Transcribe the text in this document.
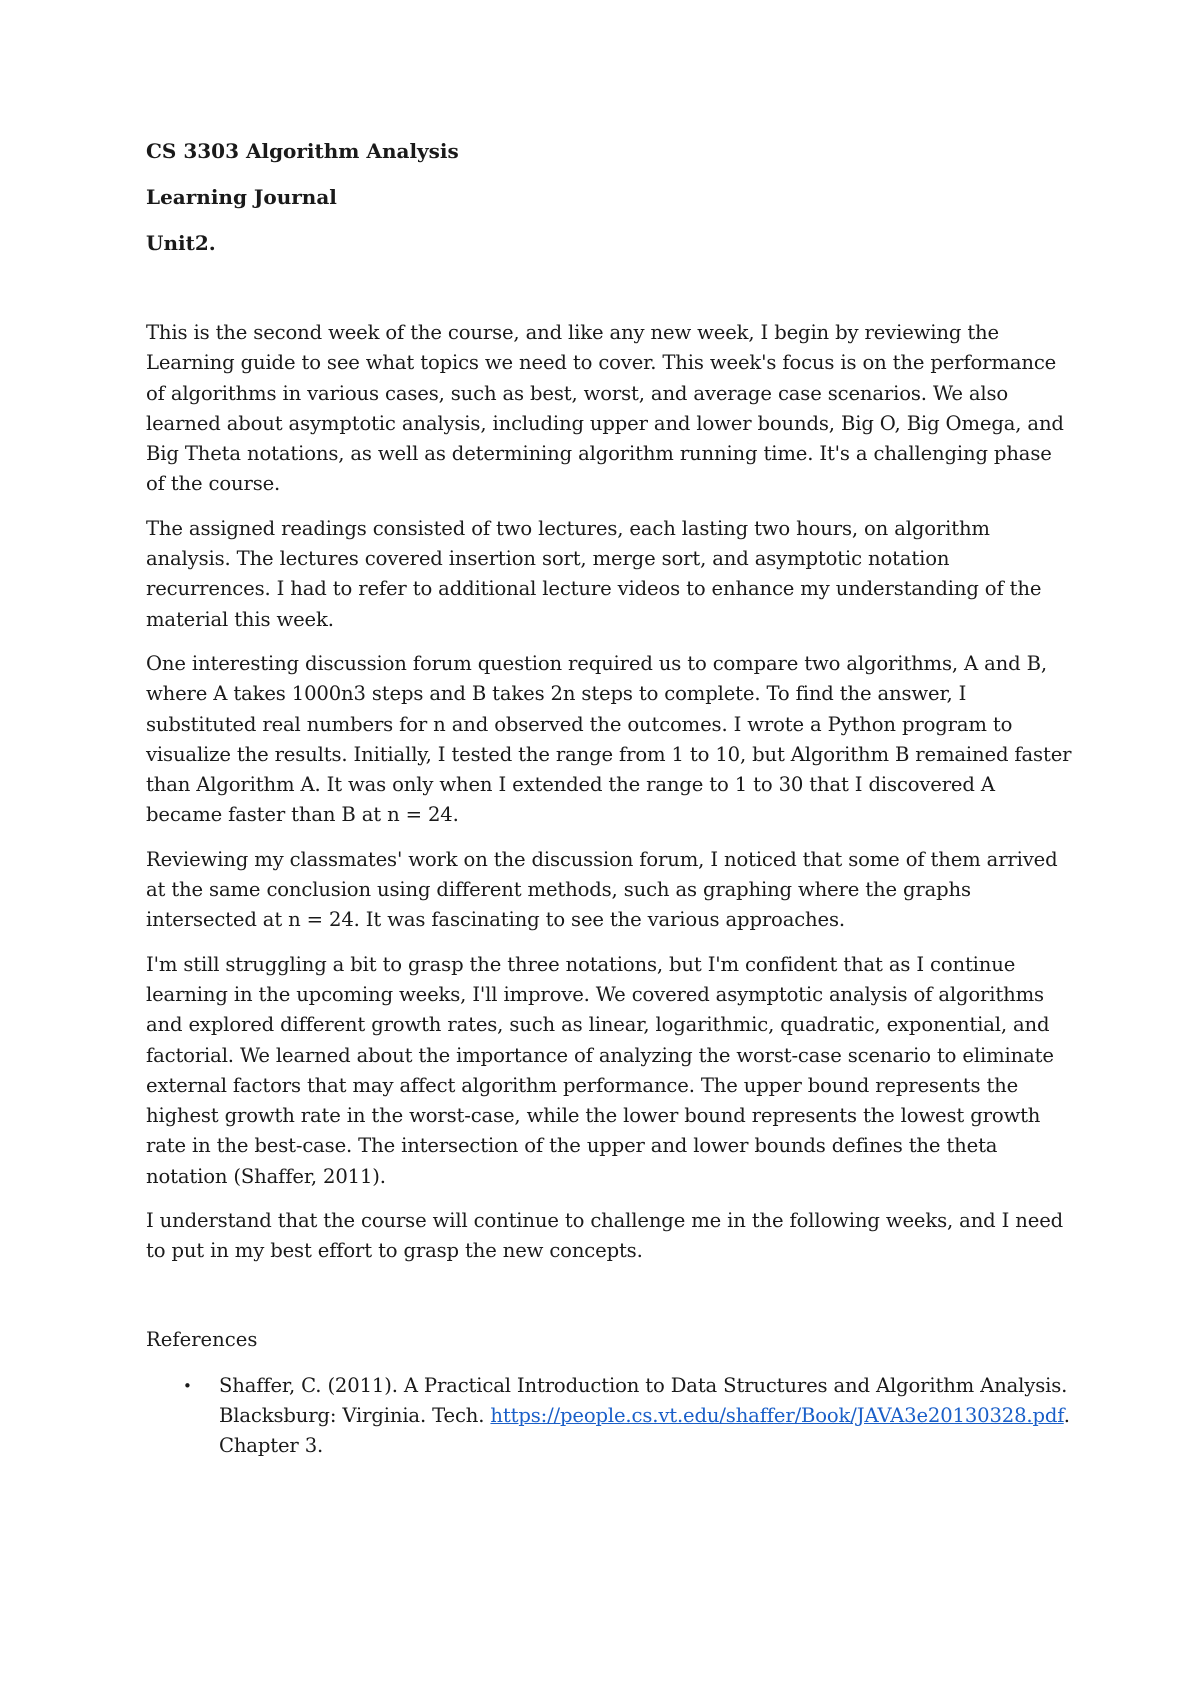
CS 3303 Algorithm Analysis
Learning Journal
Unit2.

This is the second week of the course, and like any new week, I begin by reviewing the Learning guide to see what topics we need to cover. This week's focus is on the performance of algorithms in various cases, such as best, worst, and average case scenarios. We also learned about asymptotic analysis, including upper and lower bounds, Big O, Big Omega, and Big Theta notations, as well as determining algorithm running time. It's a challenging phase of the course.

The assigned readings consisted of two lectures, each lasting two hours, on algorithm analysis. The lectures covered insertion sort, merge sort, and asymptotic notation recurrences. I had to refer to additional lecture videos to enhance my understanding of the material this week.

One interesting discussion forum question required us to compare two algorithms, A and B, where A takes 1000n3 steps and B takes 2n steps to complete. To find the answer, I substituted real numbers for n and observed the outcomes. I wrote a Python program to visualize the results. Initially, I tested the range from 1 to 10, but Algorithm B remained faster than Algorithm A. It was only when I extended the range to 1 to 30 that I discovered A became faster than B at n = 24.

Reviewing my classmates' work on the discussion forum, I noticed that some of them arrived at the same conclusion using different methods, such as graphing where the graphs intersected at n = 24. It was fascinating to see the various approaches.

I'm still struggling a bit to grasp the three notations, but I'm confident that as I continue learning in the upcoming weeks, I'll improve. We covered asymptotic analysis of algorithms and explored different growth rates, such as linear, logarithmic, quadratic, exponential, and factorial. We learned about the importance of analyzing the worst-case scenario to eliminate external factors that may affect algorithm performance. The upper bound represents the highest growth rate in the worst-case, while the lower bound represents the lowest growth rate in the best-case. The intersection of the upper and lower bounds defines the theta notation (Shaffer, 2011).

I understand that the course will continue to challenge me in the following weeks, and I need to put in my best effort to grasp the new concepts.

References
• Shaffer, C. (2011). A Practical Introduction to Data Structures and Algorithm Analysis. Blacksburg: Virginia. Tech. https://people.cs.vt.edu/shaffer/Book/JAVA3e20130328.pdf. Chapter 3.
